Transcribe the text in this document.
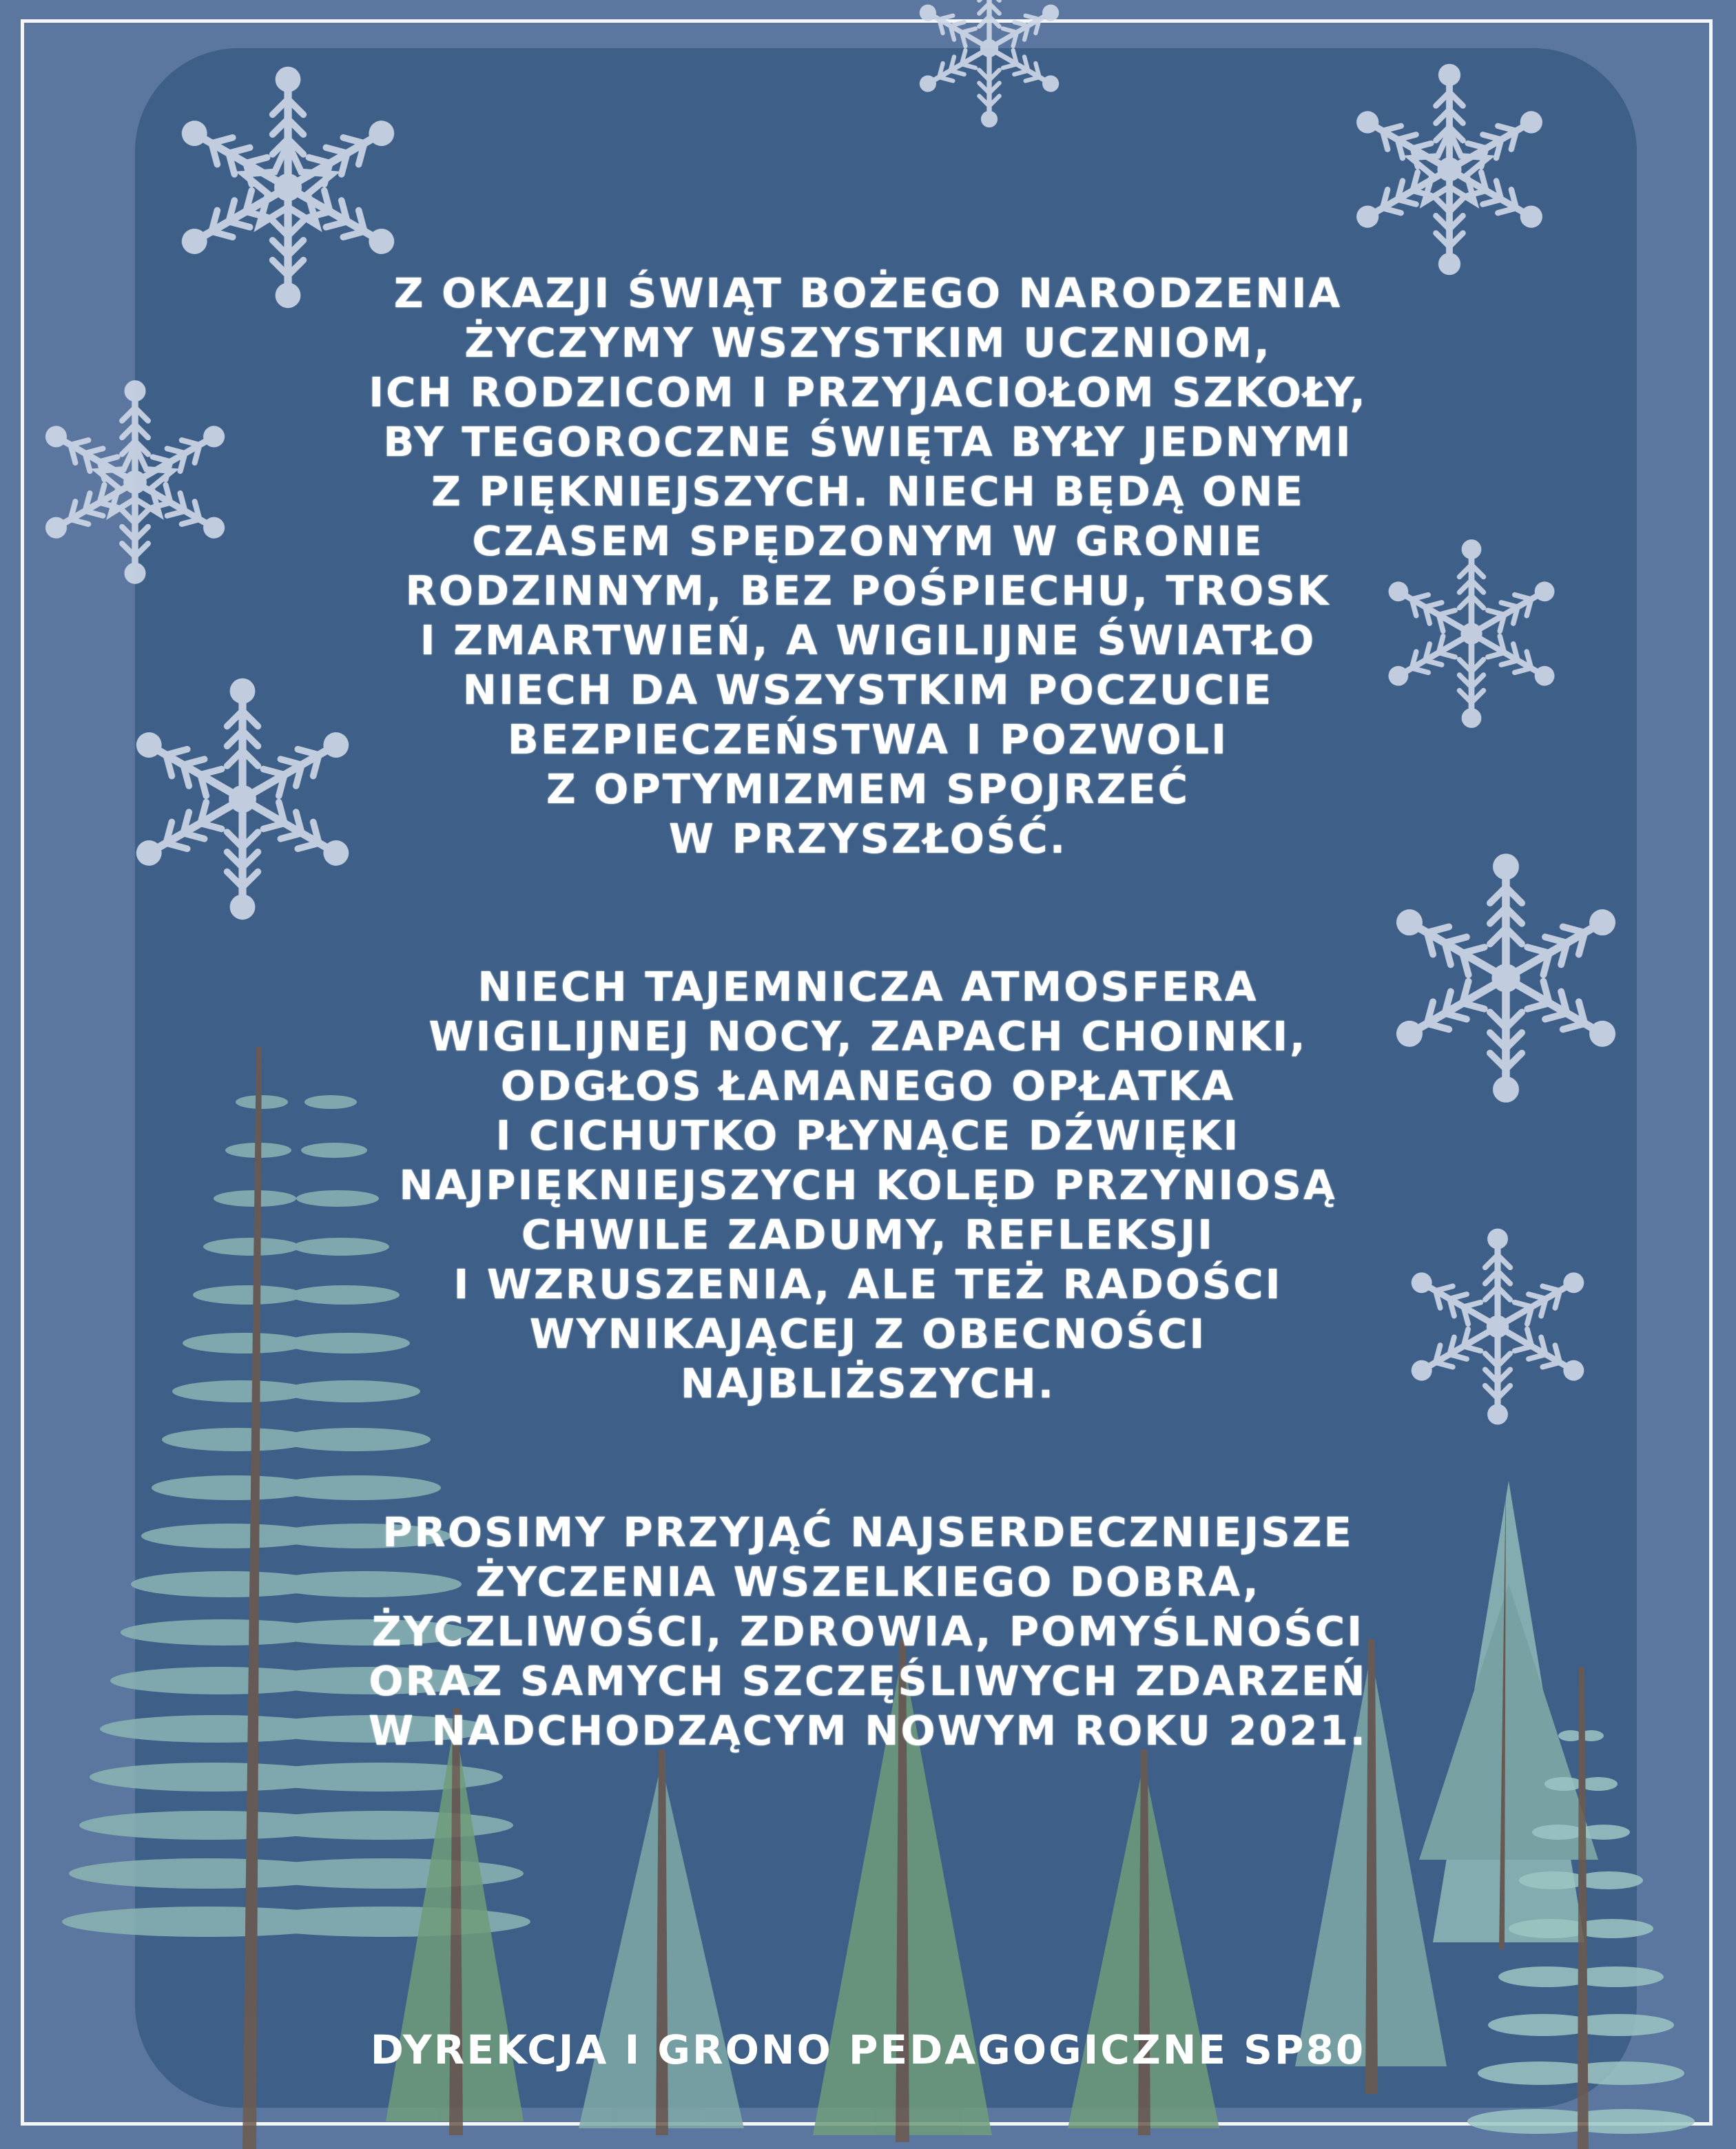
Z OKAZJI ŚWIĄT BOŻEGO NARODZENIA
ŻYCZYMY WSZYSTKIM UCZNIOM,
ICH RODZICOM I PRZYJACIOŁOM SZKOŁY,
BY TEGOROCZNE ŚWIĘTA BYŁY JEDNYMI
Z PIĘKNIEJSZYCH. NIECH BĘDĄ ONE
CZASEM SPĘDZONYM W GRONIE
RODZINNYM, BEZ POŚPIECHU, TROSK
I ZMARTWIEŃ, A WIGILIJNE ŚWIATŁO
NIECH DA WSZYSTKIM POCZUCIE
BEZPIECZEŃSTWA I POZWOLI
Z OPTYMIZMEM SPOJRZEĆ
W PRZYSZŁOŚĆ.
NIECH TAJEMNICZA ATMOSFERA
WIGILIJNEJ NOCY, ZAPACH CHOINKI,
ODGŁOS ŁAMANEGO OPŁATKA
I CICHUTKO PŁYNĄCE DŹWIĘKI
NAJPIĘKNIEJSZYCH KOLĘD PRZYNIOSĄ
CHWILE ZADUMY, REFLEKSJI
I WZRUSZENIA, ALE TEŻ RADOŚCI
WYNIKAJĄCEJ Z OBECNOŚCI
NAJBLIŻSZYCH.
PROSIMY PRZYJĄĆ NAJSERDECZNIEJSZE
ŻYCZENIA WSZELKIEGO DOBRA,
ŻYCZLIWOŚCI, ZDROWIA, POMYŚLNOŚCI
ORAZ SAMYCH SZCZĘŚLIWYCH ZDARZEŃ
W NADCHODZĄCYM NOWYM ROKU 2021.
DYREKCJA I GRONO PEDAGOGICZNE SP80
